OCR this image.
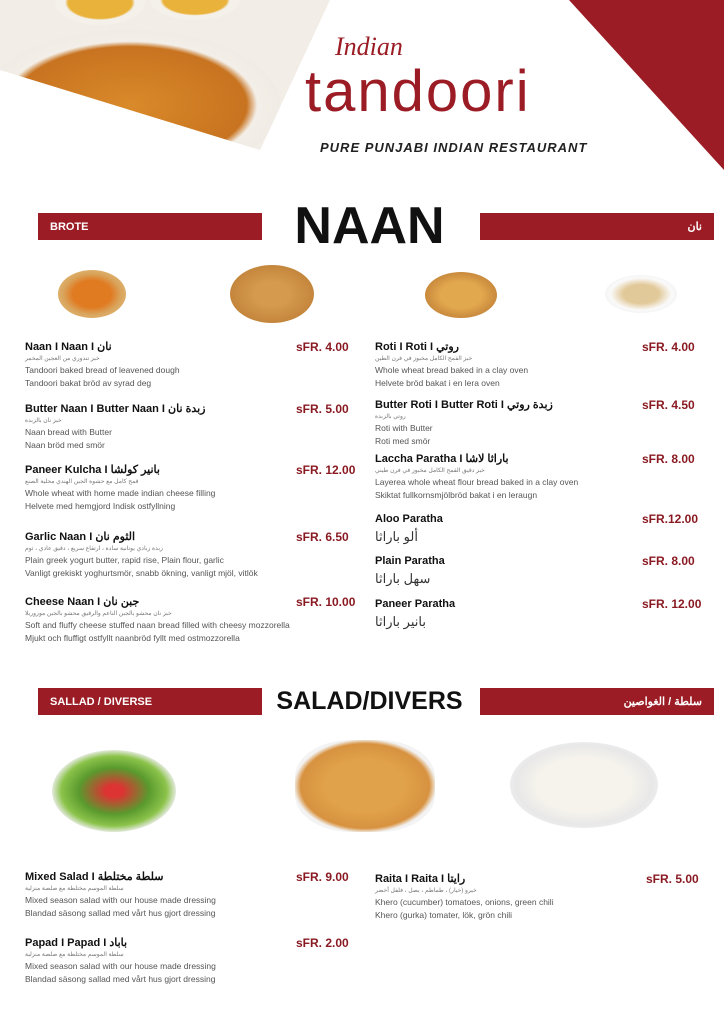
Indian
tandoori
PURE PUNJABI INDIAN RESTAURANT
BROTE	NAAN	نان
SALLAD / DIVERSE	SALAD/DIVERS	سلطة / الغواصين
Naan I Naan I نان
خبز تندوري من العجين المخمر
Tandoori baked bread of leavened dough
Tandoori bakat bröd av syrad deg
sFR. 4.00
Butter Naan I Butter Naan I زبدة نان
خبز نان بالزبدة
Naan bread with Butter
Naan bröd med smör
sFR. 5.00
Paneer Kulcha I بانير كولشا
قمح كامل مع حشوة الجبن الهندي محلية الصنع
Whole wheat with home made indian cheese filling
Helvete med hemgjord Indisk ostfyllning
sFR. 12.00
Garlic Naan I الثوم نان
زبدة زبادي يونانية سادة ، ارتفاع سريع ، دقيق عادي ، ثوم
Plain greek yogurt butter, rapid rise, Plain flour, garlic
Vanligt grekiskt yoghurtsmör, snabb ökning, vanligt mjöl, vitlök
sFR. 6.50
Cheese Naan I جبن نان
خبز نان محشو بالجبن الناعم والرقيق محشو بالجبن موزوريلا
Soft and fluffy cheese stuffed naan bread filled with cheesy mozzorella
Mjukt och fluffigt ostfyllt naanbröd fyllt med ostmozzorella
sFR. 10.00
Roti I Roti I روتي
خبز القمح الكامل مخبوز في فرن الطين
Whole wheat bread baked in a clay oven
Helvete bröd bakat i en lera oven
sFR. 4.00
Butter Roti I Butter Roti I زبدة روتي
روتي بالزبدة
Roti with Butter
Roti med smör
sFR. 4.50
Laccha Paratha I باراثا لاشا
خبز دقيق القمح الكامل مخبوز في فرن طيني
Layerea whole wheat flour bread baked in a clay oven
Skiktat fullkornsmjölbröd bakat i en leraugn
sFR. 8.00
Aloo Paratha
ألو باراثا
sFR.12.00
Plain Paratha
سهل باراثا
sFR. 8.00
Paneer Paratha
بانير باراثا
sFR. 12.00
Mixed Salad I سلطة مختلطة
سلطة الموسم مختلطة مع صلصة منزلية
Mixed season salad with our house made dressing
Blandad säsong sallad med vårt hus gjort dressing
sFR. 9.00
Papad I Papad I باباد
سلطة الموسم مختلطة مع صلصة منزلية
Mixed season salad with our house made dressing
Blandad säsong sallad med vårt hus gjort dressing
sFR. 2.00
Raita I Raita I رايتا
خيرو (خيار) ، طماطم ، بصل ، فلفل أخضر
Khero (cucumber) tomatoes, onions, green chili
Khero (gurka) tomater, lök, grön chili
sFR. 5.00
